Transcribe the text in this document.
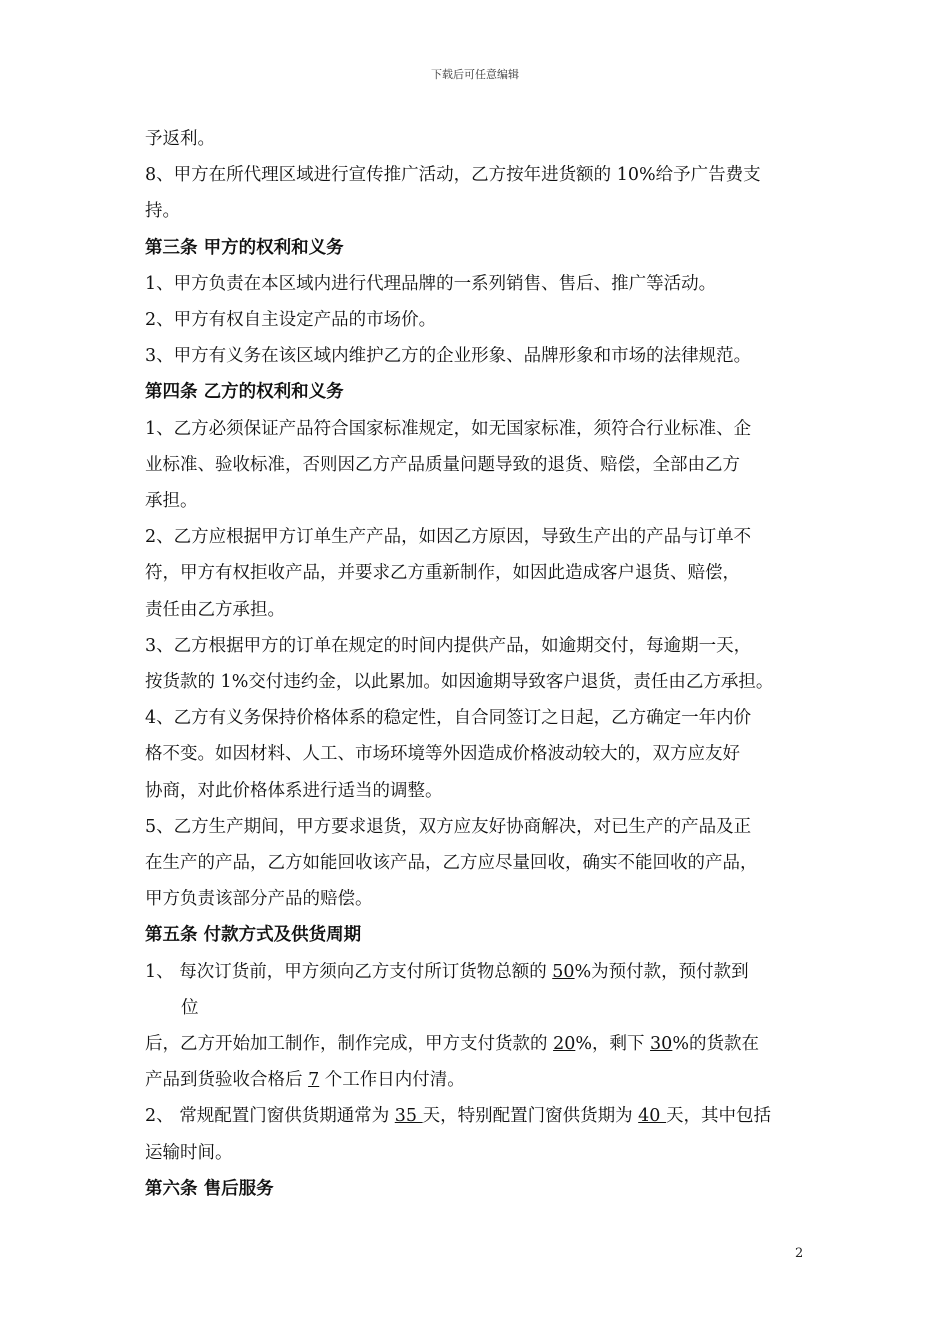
下载后可任意编辑

予返利。

8、甲方在所代理区域进行宣传推广活动，乙方按年进货额的 10%给予广告费支

持。

第三条 甲方的权利和义务

1、甲方负责在本区域内进行代理品牌的一系列销售、售后、推广等活动。

2、甲方有权自主设定产品的市场价。

3、甲方有义务在该区域内维护乙方的企业形象、品牌形象和市场的法律规范。

第四条 乙方的权利和义务

1、乙方必须保证产品符合国家标准规定，如无国家标准，须符合行业标准、企

业标准、验收标准，否则因乙方产品质量问题导致的退货、赔偿，全部由乙方

承担。

2、乙方应根据甲方订单生产产品，如因乙方原因，导致生产出的产品与订单不

符，甲方有权拒收产品，并要求乙方重新制作，如因此造成客户退货、赔偿，

责任由乙方承担。

3、乙方根据甲方的订单在规定的时间内提供产品，如逾期交付，每逾期一天，

按货款的 1%交付违约金，以此累加。如因逾期导致客户退货，责任由乙方承担。

4、乙方有义务保持价格体系的稳定性，自合同签订之日起，乙方确定一年内价

格不变。如因材料、人工、市场环境等外因造成价格波动较大的，双方应友好

协商，对此价格体系进行适当的调整。

5、乙方生产期间，甲方要求退货，双方应友好协商解决，对已生产的产品及正

在生产的产品，乙方如能回收该产品，乙方应尽量回收，确实不能回收的产品，

甲方负责该部分产品的赔偿。

第五条 付款方式及供货周期

1、 每次订货前，甲方须向乙方支付所订货物总额的 50%为预付款，预付款到

位

后，乙方开始加工制作，制作完成，甲方支付货款的 20%，剩下 30%的货款在

产品到货验收合格后 7 个工作日内付清。

2、 常规配置门窗供货期通常为 35 天，特别配置门窗供货期为 40 天，其中包括

运输时间。

第六条 售后服务
2
